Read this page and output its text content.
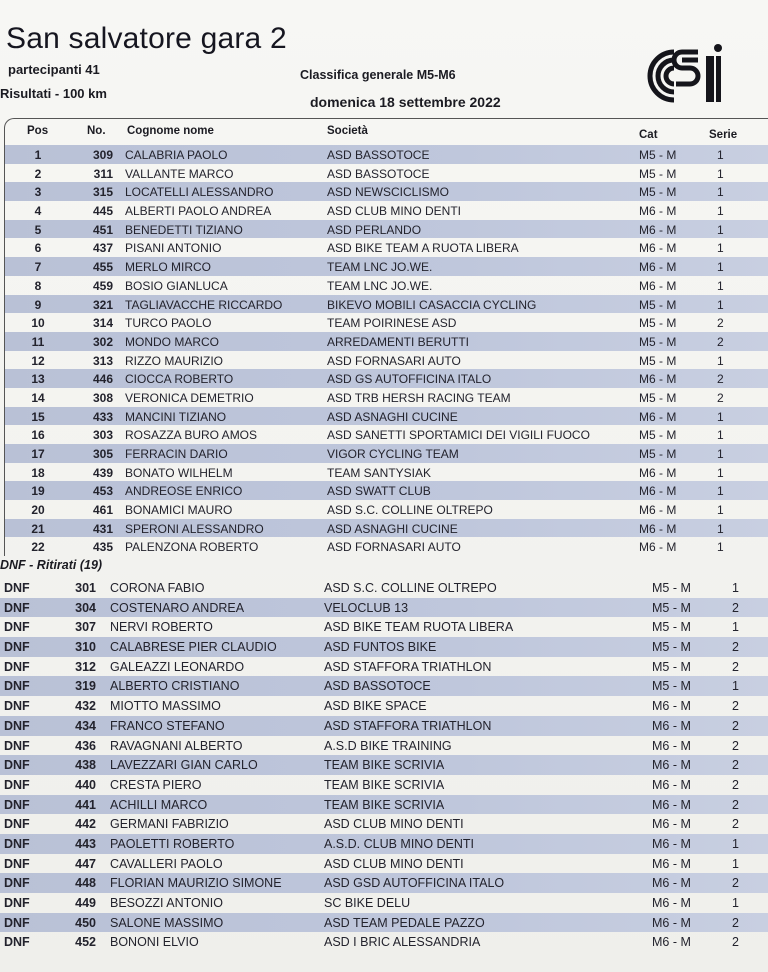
San salvatore gara 2
partecipanti 41
Risultati - 100 km
Classifica generale M5-M6
domenica 18 settembre 2022
Pos	No. Cognome nome	Società	Cat	Serie
1	309 CALABRIA PAOLO	ASD BASSOTOCE	M5 - M	1
2	311 VALLANTE MARCO	ASD BASSOTOCE	M5 - M	1
3	315 LOCATELLI ALESSANDRO	ASD NEWSCICLISMO	M5 - M	1
4	445 ALBERTI PAOLO ANDREA	ASD CLUB MINO DENTI	M6 - M	1
5	451 BENEDETTI TIZIANO	ASD PERLANDO	M6 - M	1
6	437 PISANI ANTONIO	ASD BIKE TEAM A RUOTA LIBERA	M6 - M	1
7	455 MERLO MIRCO	TEAM LNC JO.WE.	M6 - M	1
8	459 BOSIO GIANLUCA	TEAM LNC JO.WE.	M6 - M	1
9	321 TAGLIAVACCHE RICCARDO	BIKEVO MOBILI CASACCIA CYCLING	M5 - M	1
10	314 TURCO PAOLO	TEAM POIRINESE ASD	M5 - M	2
11	302 MONDO MARCO	ARREDAMENTI BERUTTI	M5 - M	2
12	313 RIZZO MAURIZIO	ASD FORNASARI AUTO	M5 - M	1
13	446 CIOCCA ROBERTO	ASD GS AUTOFFICINA ITALO	M6 - M	2
14	308 VERONICA DEMETRIO	ASD TRB HERSH RACING TEAM	M5 - M	2
15	433 MANCINI TIZIANO	ASD ASNAGHI CUCINE	M6 - M	1
16	303 ROSAZZA BURO AMOS	ASD SANETTI SPORTAMICI DEI VIGILI FUOCO	M5 - M	1
17	305 FERRACIN DARIO	VIGOR CYCLING TEAM	M5 - M	1
18	439 BONATO WILHELM	TEAM SANTYSIAK	M6 - M	1
19	453 ANDREOSE ENRICO	ASD SWATT CLUB	M6 - M	1
20	461 BONAMICI MAURO	ASD S.C. COLLINE OLTREPO	M6 - M	1
21	431 SPERONI ALESSANDRO	ASD ASNAGHI CUCINE	M6 - M	1
22	435 PALENZONA ROBERTO	ASD FORNASARI AUTO	M6 - M	1
DNF - Ritirati (19)
DNF	301 CORONA FABIO	ASD S.C. COLLINE OLTREPO	M5 - M	1
DNF	304 COSTENARO ANDREA	VELOCLUB 13	M5 - M	2
DNF	307 NERVI ROBERTO	ASD BIKE TEAM RUOTA LIBERA	M5 - M	1
DNF	310 CALABRESE PIER CLAUDIO	ASD FUNTOS BIKE	M5 - M	2
DNF	312 GALEAZZI LEONARDO	ASD STAFFORA TRIATHLON	M5 - M	2
DNF	319 ALBERTO CRISTIANO	ASD BASSOTOCE	M5 - M	1
DNF	432 MIOTTO MASSIMO	ASD BIKE SPACE	M6 - M	2
DNF	434 FRANCO STEFANO	ASD STAFFORA TRIATHLON	M6 - M	2
DNF	436 RAVAGNANI ALBERTO	A.S.D BIKE TRAINING	M6 - M	2
DNF	438 LAVEZZARI GIAN CARLO	TEAM BIKE SCRIVIA	M6 - M	2
DNF	440 CRESTA PIERO	TEAM BIKE SCRIVIA	M6 - M	2
DNF	441 ACHILLI MARCO	TEAM BIKE SCRIVIA	M6 - M	2
DNF	442 GERMANI FABRIZIO	ASD CLUB MINO DENTI	M6 - M	2
DNF	443 PAOLETTI ROBERTO	A.S.D. CLUB MINO DENTI	M6 - M	1
DNF	447 CAVALLERI PAOLO	ASD CLUB MINO DENTI	M6 - M	1
DNF	448 FLORIAN MAURIZIO SIMONE	ASD GSD AUTOFFICINA ITALO	M6 - M	2
DNF	449 BESOZZI ANTONIO	SC BIKE DELU	M6 - M	1
DNF	450 SALONE MASSIMO	ASD TEAM PEDALE PAZZO	M6 - M	2
DNF	452 BONONI ELVIO	ASD I BRIC ALESSANDRIA	M6 - M	2
